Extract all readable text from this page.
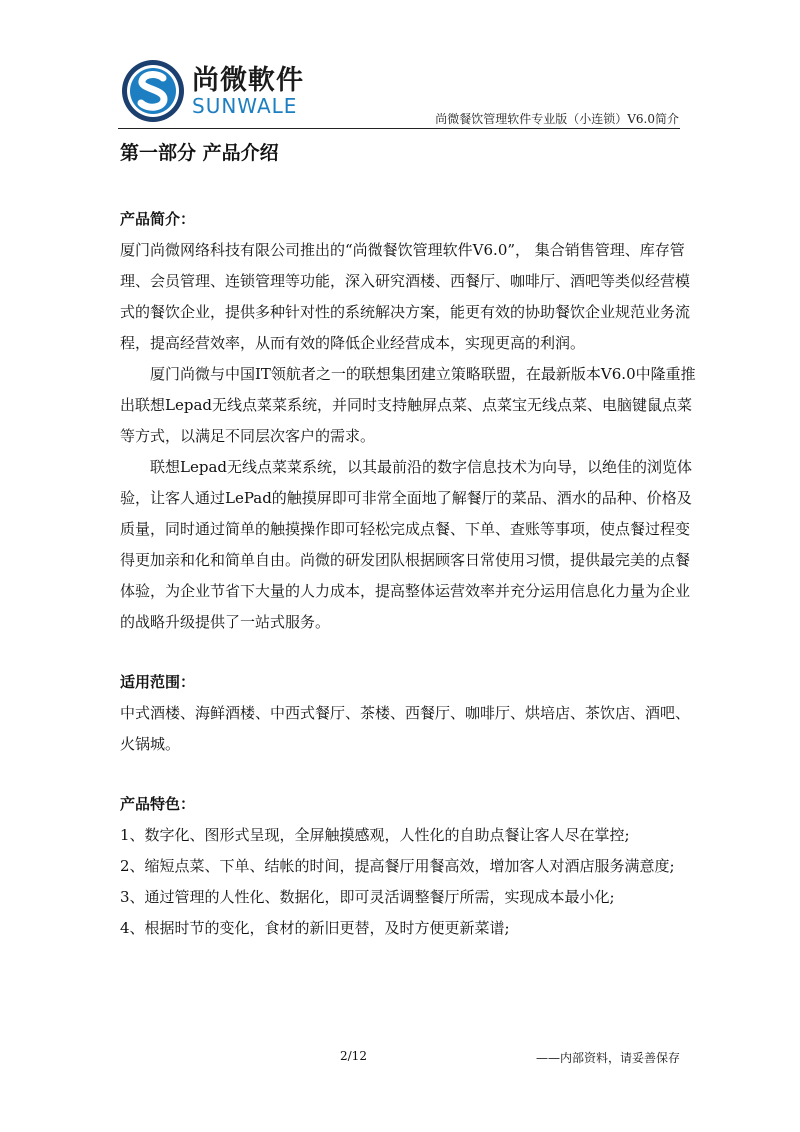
尚微軟件
SUNWALE
尚微餐饮管理软件专业版（小连锁）V6.0简介
第一部分 产品介绍
产品简介：

厦门尚微网络科技有限公司推出的“尚微餐饮管理软件V6.0”， 集合销售管理、库存管理、会员管理、连锁管理等功能，深入研究酒楼、西餐厅、咖啡厅、酒吧等类似经营模式的餐饮企业，提供多种针对性的系统解决方案，能更有效的协助餐饮企业规范业务流程，提高经营效率，从而有效的降低企业经营成本，实现更高的利润。

厦门尚微与中国IT领航者之一的联想集团建立策略联盟，在最新版本V6.0中隆重推出联想Lepad无线点菜菜系统，并同时支持触屏点菜、点菜宝无线点菜、电脑键鼠点菜等方式，以满足不同层次客户的需求。

联想Lepad无线点菜菜系统，以其最前沿的数字信息技术为向导，以绝佳的浏览体验，让客人通过LePad的触摸屏即可非常全面地了解餐厅的菜品、酒水的品种、价格及质量，同时通过简单的触摸操作即可轻松完成点餐、下单、查账等事项，使点餐过程变得更加亲和化和简单自由。尚微的研发团队根据顾客日常使用习惯，提供最完美的点餐体验，为企业节省下大量的人力成本，提高整体运营效率并充分运用信息化力量为企业的战略升级提供了一站式服务。

适用范围：

中式酒楼、海鲜酒楼、中西式餐厅、茶楼、西餐厅、咖啡厅、烘培店、茶饮店、酒吧、火锅城。

产品特色：

1、数字化、图形式呈现，全屏触摸感观，人性化的自助点餐让客人尽在掌控;

2、缩短点菜、下单、结帐的时间，提高餐厅用餐高效，增加客人对酒店服务满意度;

3、通过管理的人性化、数据化，即可灵活调整餐厅所需，实现成本最小化;

4、根据时节的变化，食材的新旧更替，及时方便更新菜谱;

2/12	——内部资料，请妥善保存
